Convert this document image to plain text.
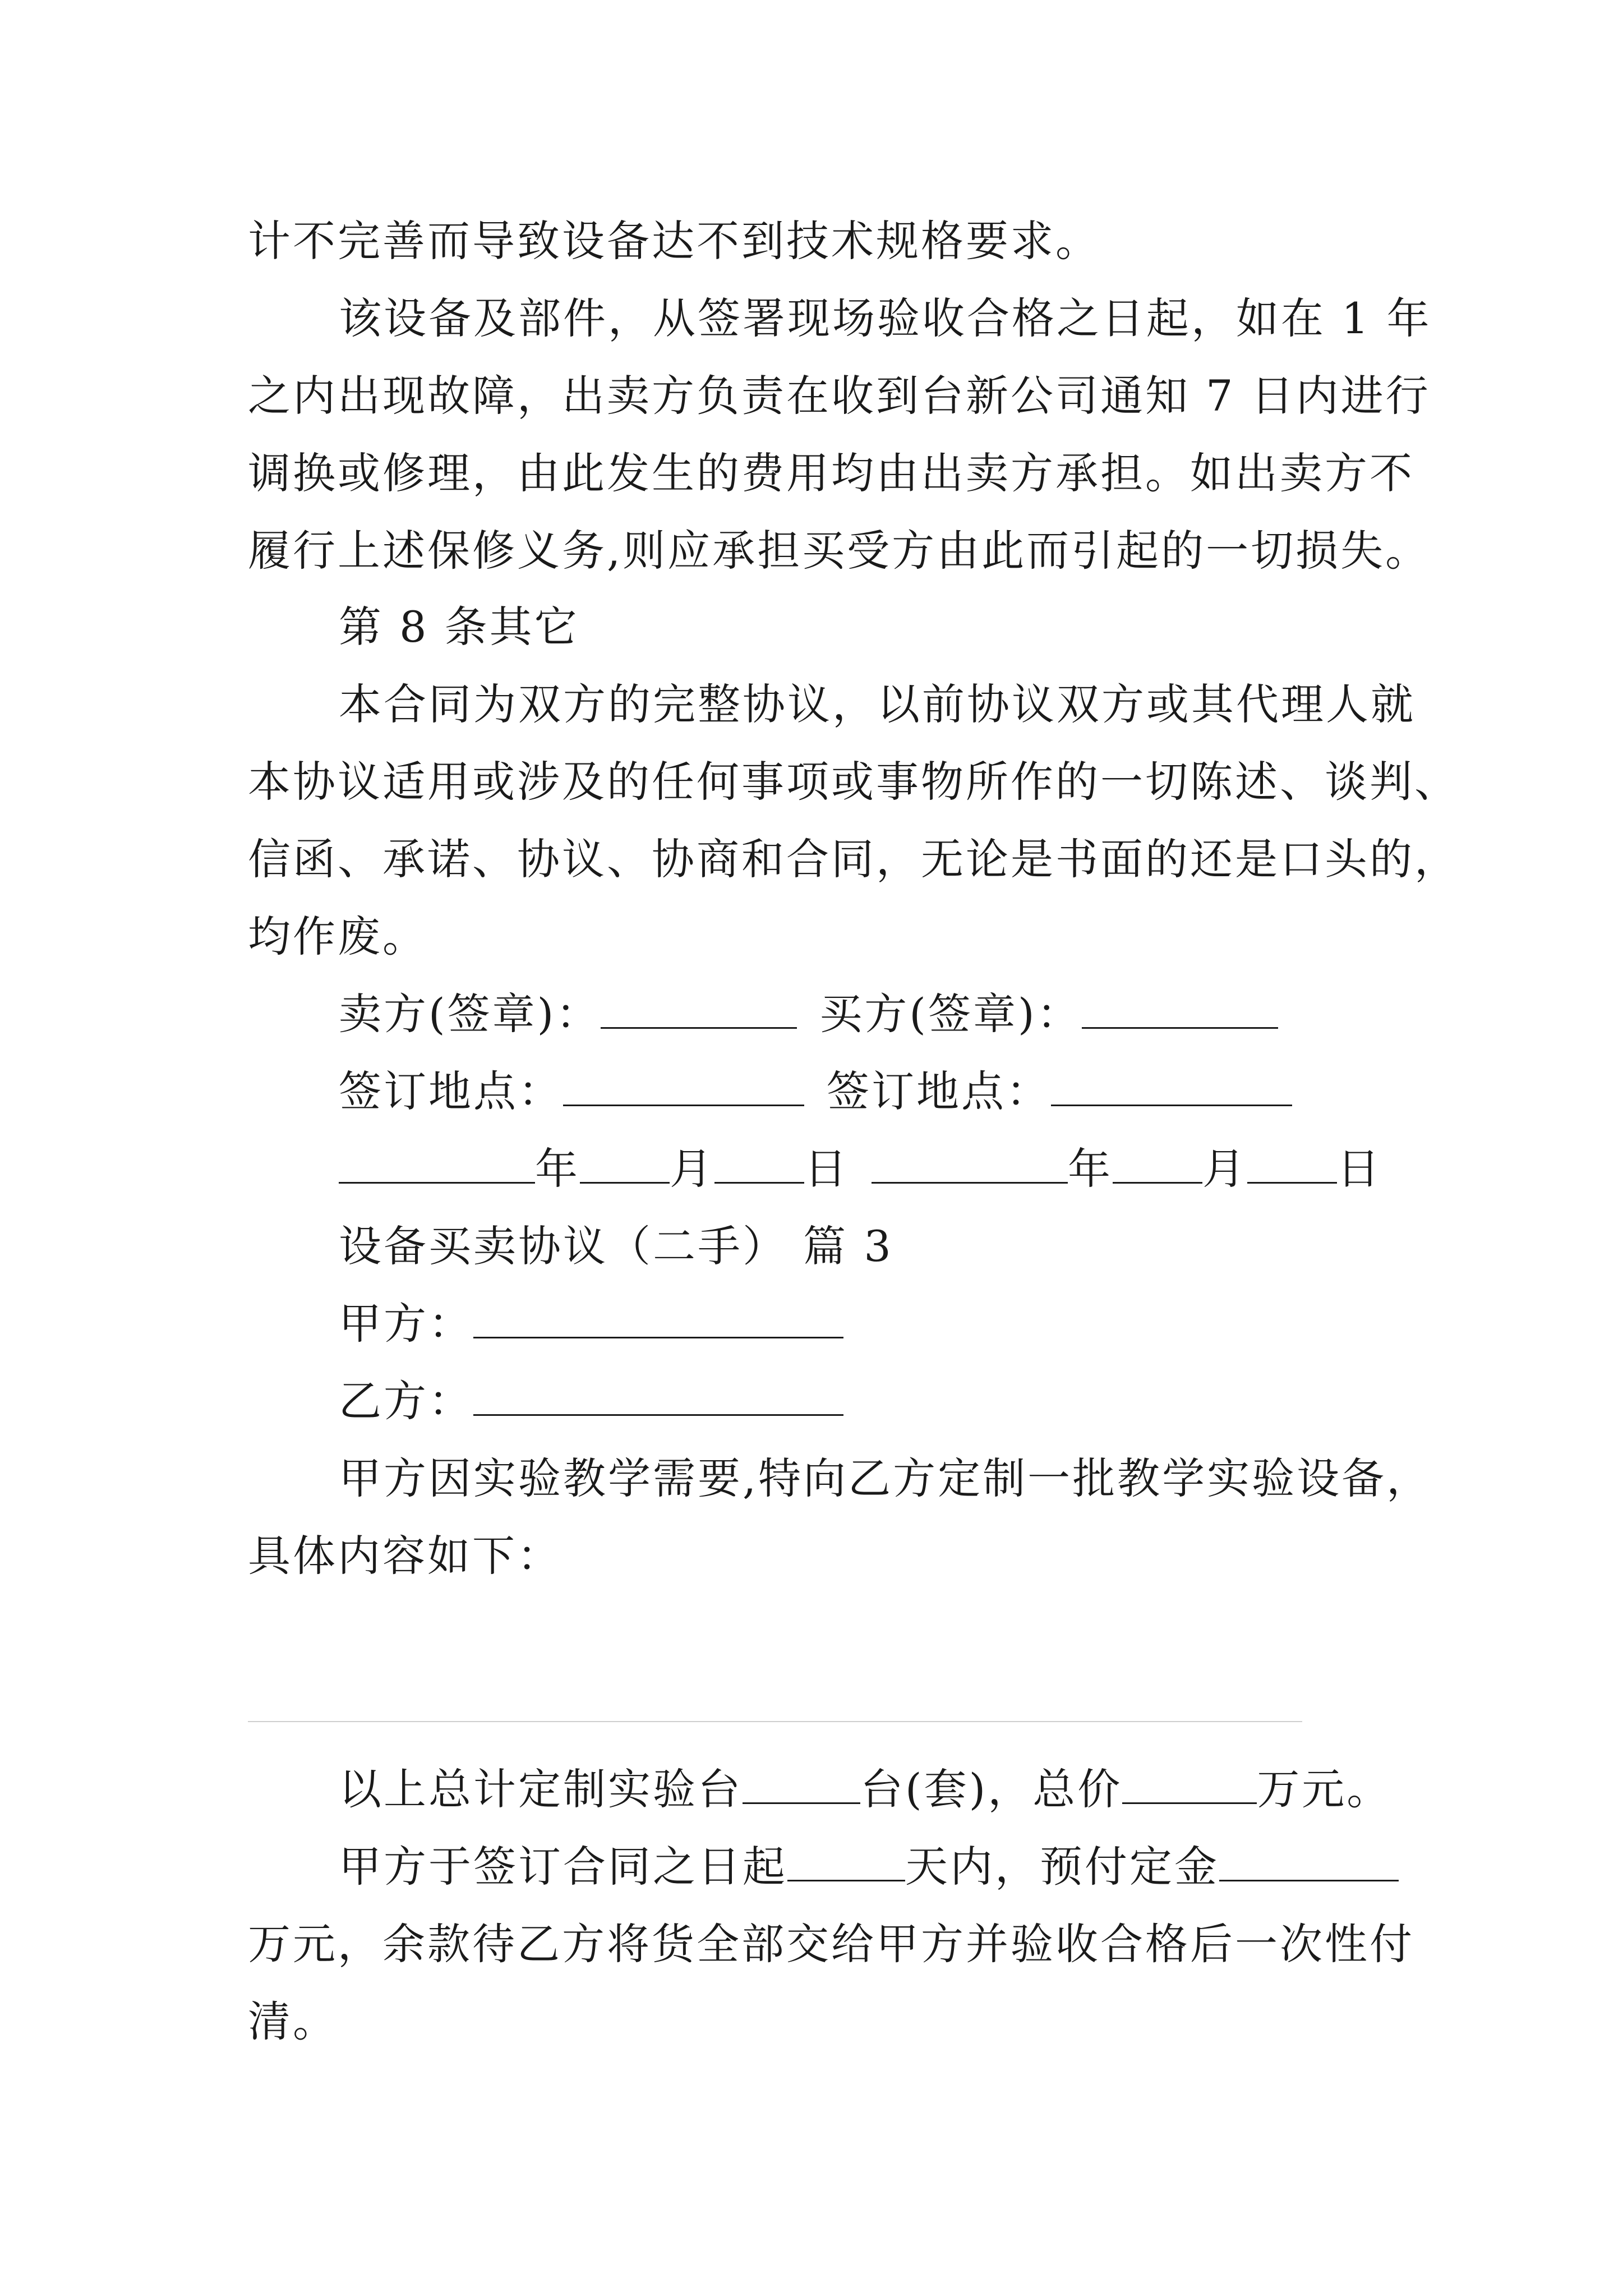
计不完善而导致设备达不到技术规格要求。
该设备及部件，从签署现场验收合格之日起，如在 1 年
之内出现故障，出卖方负责在收到台新公司通知 7 日内进行
调换或修理，由此发生的费用均由出卖方承担。如出卖方不
履行上述保修义务,则应承担买受方由此而引起的一切损失。
第 8 条其它
本合同为双方的完整协议，以前协议双方或其代理人就
本协议适用或涉及的任何事项或事物所作的一切陈述、谈判、
信函、承诺、协议、协商和合同，无论是书面的还是口头的，
均作废。
卖方(签章)：	买方(签章)：
签订地点：	签订地点：
年 月 日	年 月 日
设备买卖协议（二手） 篇 3
甲方：
乙方：
甲方因实验教学需要,特向乙方定制一批教学实验设备，
具体内容如下：
以上总计定制实验台	台(套)，总价	万元。
甲方于签订合同之日起	天内，预付定金
万元，余款待乙方将货全部交给甲方并验收合格后一次性付
清。
